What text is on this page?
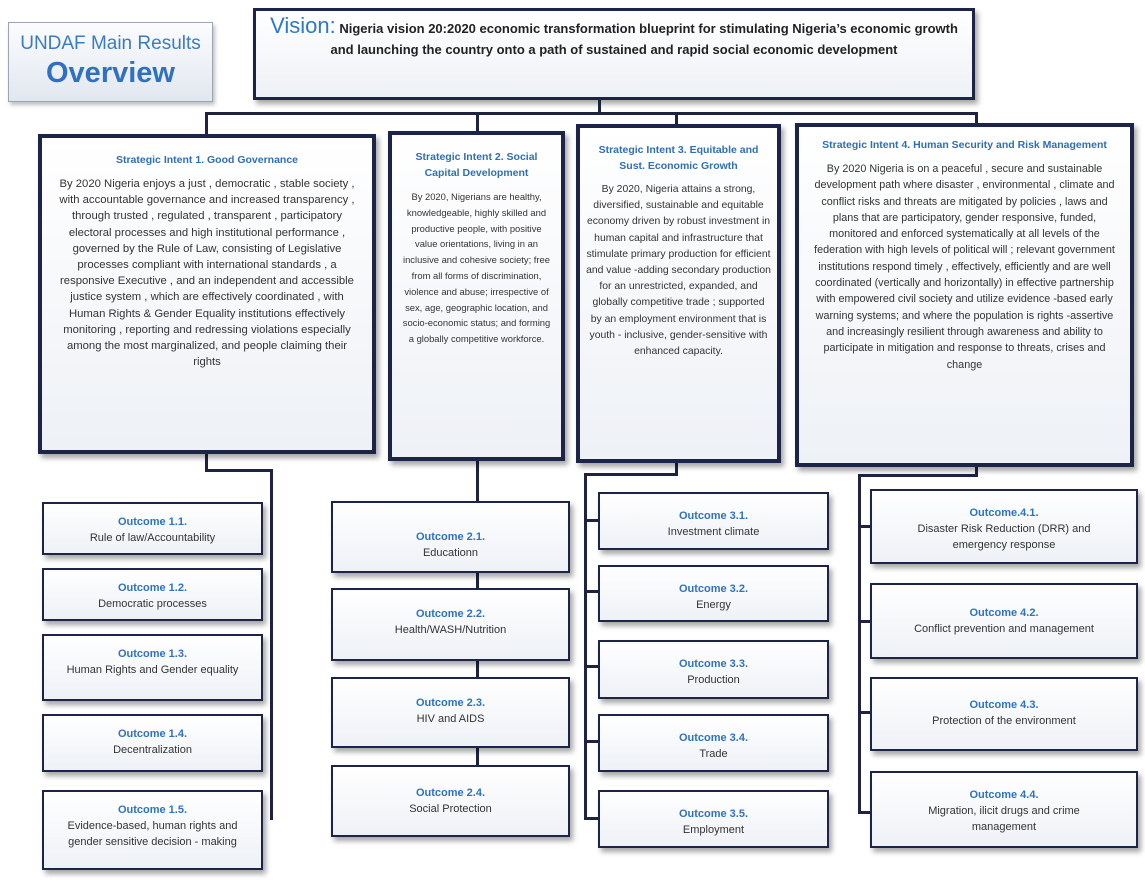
UNDAF Main Results
Overview
Vision: Nigeria vision 20:2020 economic transformation blueprint for stimulating Nigeria’s economic growth and launching the country onto a path of sustained and rapid social economic development
Strategic Intent 1. Good Governance
By 2020 Nigeria enjoys a just , democratic , stable society , with accountable governance and increased transparency , through trusted , regulated , transparent , participatory electoral processes and high institutional performance , governed by the Rule of Law, consisting of Legislative processes compliant with international standards , a responsive Executive , and an independent and accessible justice system , which are effectively coordinated , with Human Rights & Gender Equality institutions effectively monitoring , reporting and redressing violations especially among the most marginalized, and people claiming their rights
Strategic Intent 2. Social Capital Development
By 2020, Nigerians are healthy, knowledgeable, highly skilled and productive people, with positive value orientations, living in an inclusive and cohesive society; free from all forms of discrimination, violence and abuse; irrespective of sex, age, geographic location, and socio-economic status; and forming a globally competitive workforce.
Strategic Intent 3. Equitable and Sust. Economic Growth
By 2020, Nigeria attains a strong, diversified, sustainable and equitable economy driven by robust investment in human capital and infrastructure that stimulate primary production for efficient and value -adding secondary production for an unrestricted, expanded, and globally competitive trade ; supported by an employment environment that is youth - inclusive, gender-sensitive with enhanced capacity.
Strategic Intent 4. Human Security and Risk Management
By 2020 Nigeria is on a peaceful , secure and sustainable development path where disaster , environmental , climate and conflict risks and threats are mitigated by policies , laws and plans that are participatory, gender responsive, funded, monitored and enforced systematically at all levels of the federation with high levels of political will ; relevant government institutions respond timely , effectively, efficiently and are well coordinated (vertically and horizontally) in effective partnership with empowered civil society and utilize evidence -based early warning systems; and where the population is rights -assertive and increasingly resilient through awareness and ability to participate in mitigation and response to threats, crises and change
Outcome 1.1.
Rule of law/Accountability
Outcome 1.2.
Democratic processes
Outcome 1.3.
Human Rights and Gender equality
Outcome 1.4.
Decentralization
Outcome 1.5.
Evidence-based, human rights and gender sensitive decision - making
Outcome 2.1.
Educationn
Outcome 2.2.
Health/WASH/Nutrition
Outcome 2.3.
HIV and AIDS
Outcome 2.4.
Social Protection
Outcome 3.1.
Investment climate
Outcome 3.2.
Energy
Outcome 3.3.
Production
Outcome 3.4.
Trade
Outcome 3.5.
Employment
Outcome.4.1.
Disaster Risk Reduction (DRR) and emergency response
Outcome 4.2.
Conflict prevention and management
Outcome 4.3.
Protection of the environment
Outcome 4.4.
Migration, ilicit drugs and crime management
